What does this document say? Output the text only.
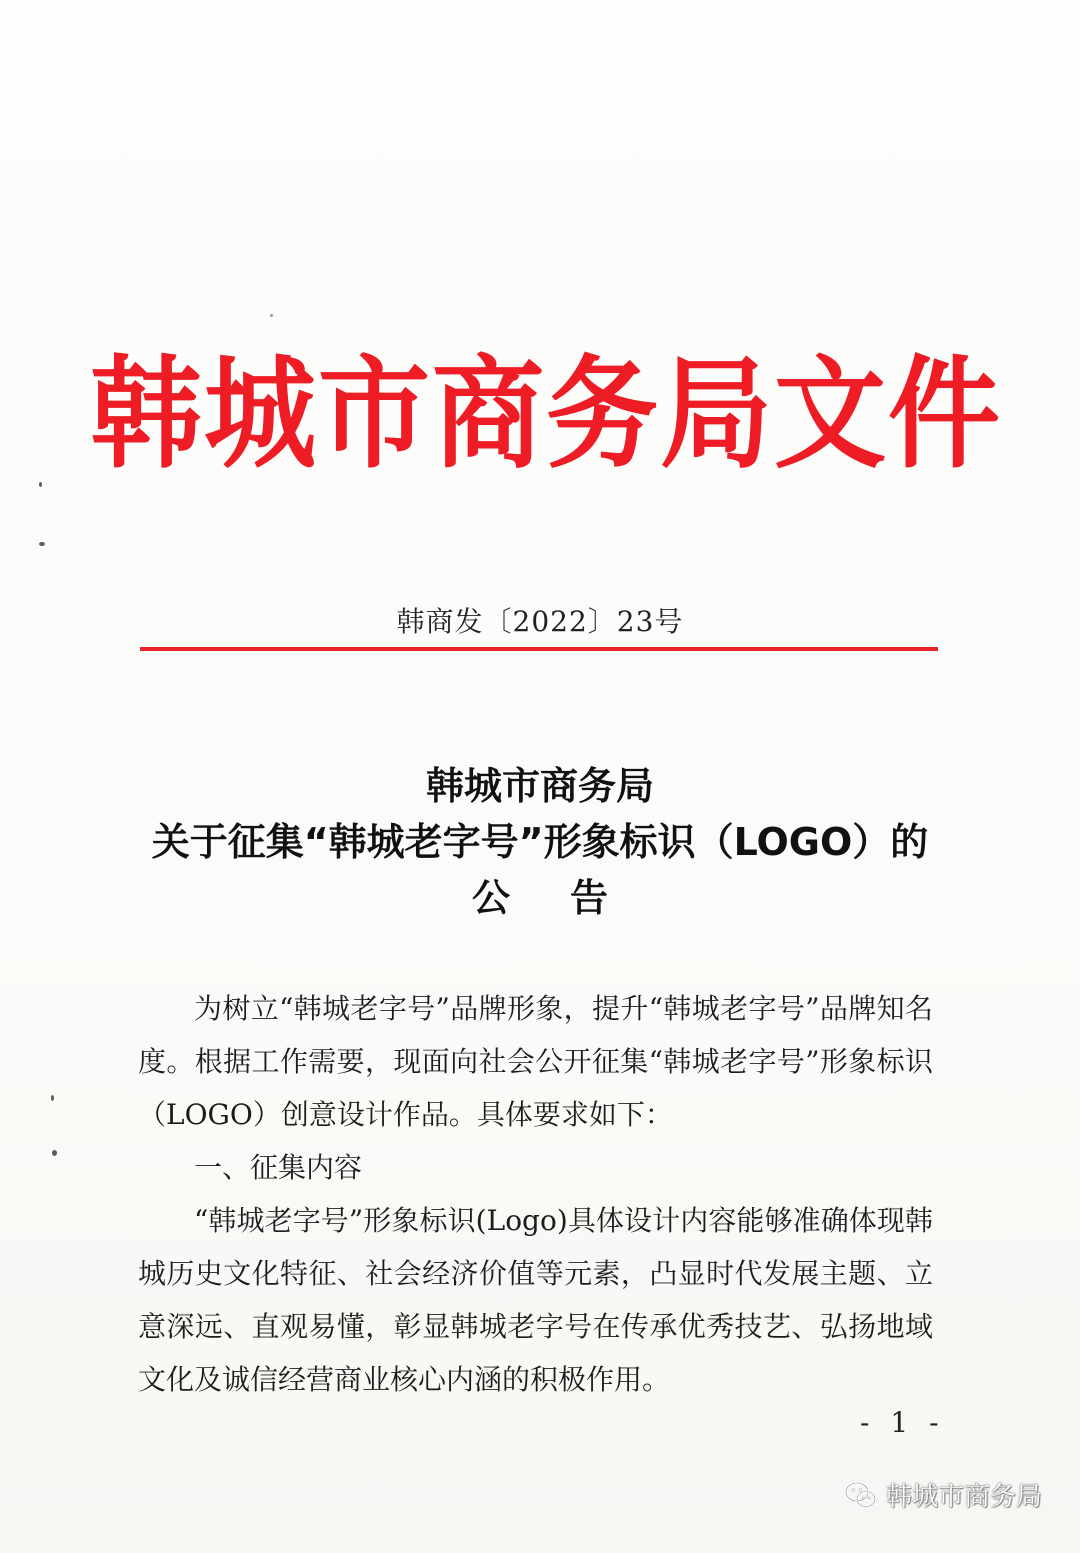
韩城市商务局文件
韩商发〔2022〕23号
韩城市商务局
关于征集“韩城老字号”形象标识（LOGO）的
公告

为树立“韩城老字号”品牌形象，提升“韩城老字号”品牌知名度。根据工作需要，现面向社会公开征集“韩城老字号”形象标识（LOGO）创意设计作品。具体要求如下：

一、征集内容

“韩城老字号”形象标识(Logo)具体设计内容能够准确体现韩城历史文化特征、社会经济价值等元素，凸显时代发展主题、立意深远、直观易懂，彰显韩城老字号在传承优秀技艺、弘扬地域文化及诚信经营商业核心内涵的积极作用。

- 1 -
韩城市商务局
